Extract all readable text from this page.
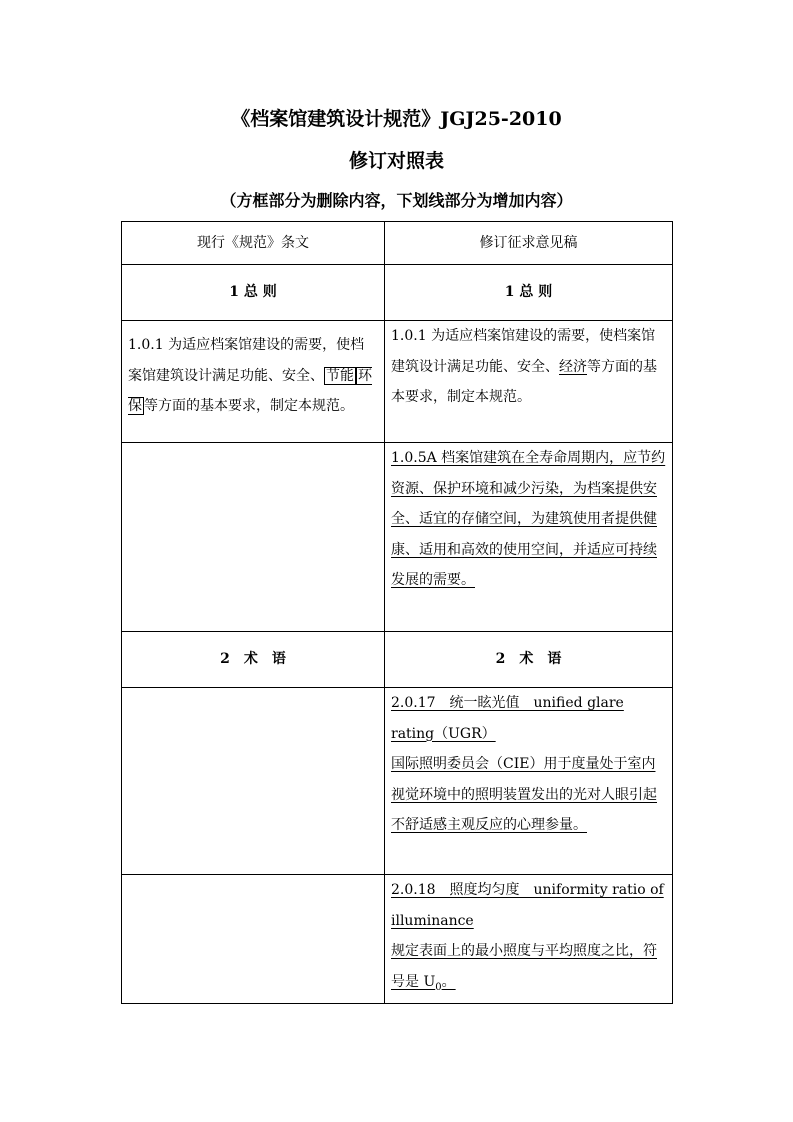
《档案馆建筑设计规范》JGJ25-2010
修订对照表
（方框部分为删除内容，下划线部分为增加内容）
现行《规范》条文	修订征求意见稿
1 总 则	1 总 则
1.0.1 为适应档案馆建设的需要，使档案馆建筑设计满足功能、安全、 节能 环保 等方面的基本要求，制定本规范。	1.0.1 为适应档案馆建设的需要，使档案馆建筑设计满足功能、安全、经济等方面的基本要求，制定本规范。
	1.0.5A 档案馆建筑在全寿命周期内，应节约资源、保护环境和减少污染，为档案提供安全、适宜的存储空间，为建筑使用者提供健康、适用和高效的使用空间，并适应可持续发展的需要。
2　术　语	2　术　语

	2.0.17　统一眩光值　unified glare rating（UGR）
国际照明委员会（CIE）用于度量处于室内视觉环境中的照明装置发出的光对人眼引起不舒适感主观反应的心理参量。

	2.0.18　照度均匀度　uniformity ratio of illuminance
规定表面上的最小照度与平均照度之比，符号是 $U_0$。
